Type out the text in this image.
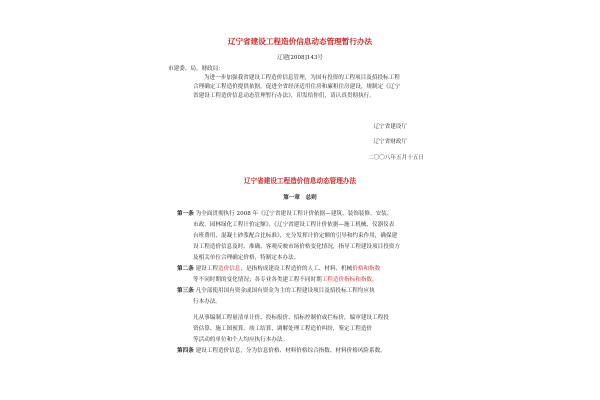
辽宁省建设工程造价信息动态管理暂行办法
辽建[2008]143号
市建委、局，财政局：
为进一步加强我省建设工程造价信息管理，为国有投资的工程项目及招投标工程
合理确定工程造价提供依据，促进全省经济适用住房和廉租住房建设，规制定《辽宁
省建设工程造价信息动态管理暂行办法》，印发给你们，请认真贯彻执行。
辽宁省建设厅
辽宁省财政厅
二〇〇八年五月十五日
辽宁省建设工程造价信息动态管理办法
第一章　总则
第一条 为全面贯彻执行 2008 年《辽宁省建设工程计价依据—建筑、装饰装修、安装、
市政、园林绿化工程计价定额》、《辽宁省建设工程计价依据—施工机械、仪器仪表
台班费用、混凝土砂浆配合比标准》，充分发挥计价定额的引导和约束作用，确保建
设工程造价信息及时、准确、客观反映市场价格变化情况，指导工程建设项目投资方
及相关单位合理确定价格，特制定本办法。
第二条 建设工程造价信息，是指构成建设工程造价的人工、材料、机械价格和指数
等不同时期的变化情况；各专业各类建工程不同时期工程造价指标和指数。
第三条 凡全部使用国有资金或国有资金为主的工程建设项目及招投标工程均应执
行本办法。
凡从事编制工程量清单计价、投标报价、招标控制价或拦标价，编审建设工程投
资估算、施工图预算、竣工结算，调解处理工程造价纠纷，鉴定工程造价
等活动的单位和个人均应执行本办法。
第四条 建设工程造价信息，分为信息价格、材料价格综合指数、材料价格风险系数。
